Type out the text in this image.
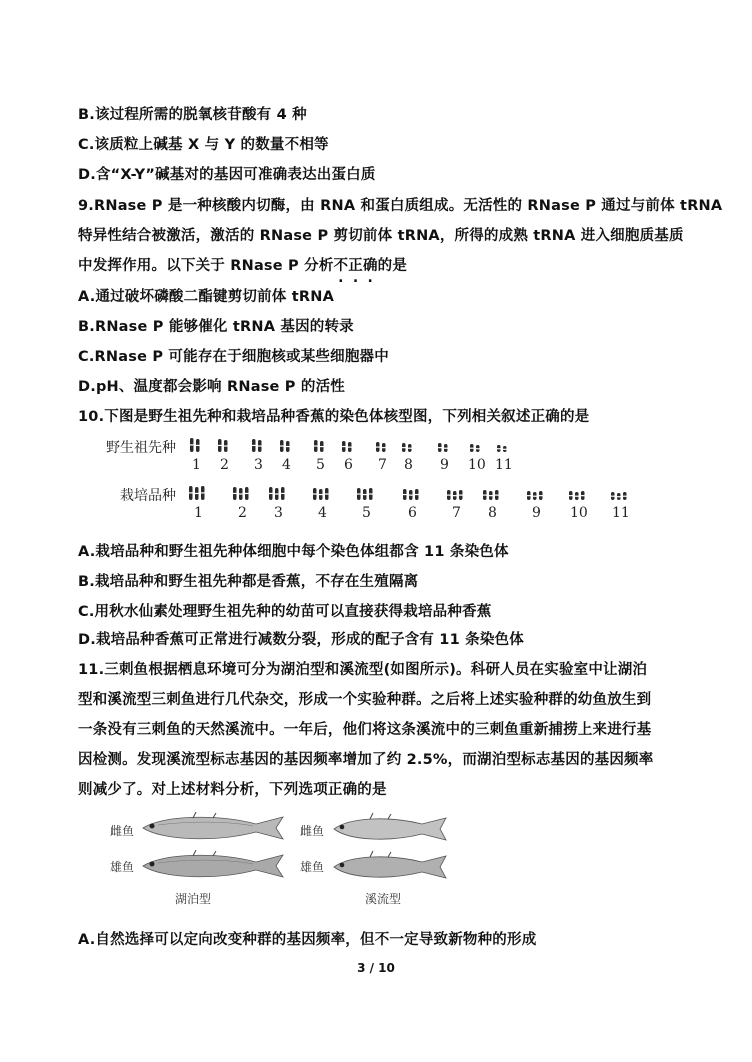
B.该过程所需的脱氧核苷酸有 4 种
C.该质粒上碱基 X 与 Y 的数量不相等
D.含“X-Y”碱基对的基因可准确表达出蛋白质
9.RNase P 是一种核酸内切酶，由 RNA 和蛋白质组成。无活性的 RNase P 通过与前体 tRNA
特异性结合被激活，激活的 RNase P 剪切前体 tRNA，所得的成熟 tRNA 进入细胞质基质
中发挥作用。以下关于 RNase P 分析不正确的是
A.通过破坏磷酸二酯键剪切前体 tRNA
B.RNase P 能够催化 tRNA 基因的转录
C.RNase P 可能存在于细胞核或某些细胞器中
D.pH、温度都会影响 RNase P 的活性
10.下图是野生祖先种和栽培品种香蕉的染色体核型图，下列相关叙述正确的是
野生祖先种
栽培品种
1 2 3 4 5 6 7 8 9 10 11
1	2 3	4	5	6	7 8	9 10 11
A.栽培品种和野生祖先种体细胞中每个染色体组都含 11 条染色体
B.栽培品种和野生祖先种都是香蕉，不存在生殖隔离
C.用秋水仙素处理野生祖先种的幼苗可以直接获得栽培品种香蕉
D.栽培品种香蕉可正常进行减数分裂，形成的配子含有 11 条染色体
11.三刺鱼根据栖息环境可分为湖泊型和溪流型(如图所示)。科研人员在实验室中让湖泊
型和溪流型三刺鱼进行几代杂交，形成一个实验种群。之后将上述实验种群的幼鱼放生到
一条没有三刺鱼的天然溪流中。一年后，他们将这条溪流中的三刺鱼重新捕捞上来进行基
因检测。发现溪流型标志基因的基因频率增加了约 2.5%，而湖泊型标志基因的基因频率
则减少了。对上述材料分析，下列选项正确的是
雌鱼
雄鱼
雌鱼
雄鱼
湖泊型	溪流型
A.自然选择可以定向改变种群的基因频率，但不一定导致新物种的形成
3 / 10
